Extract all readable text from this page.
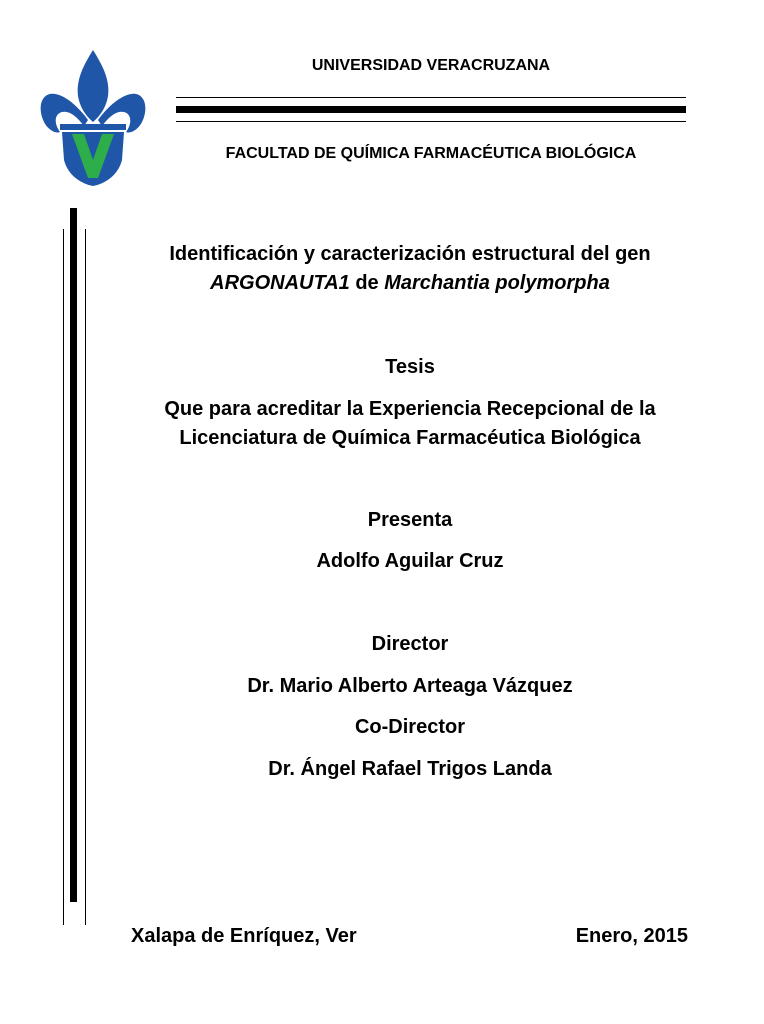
UNIVERSIDAD VERACRUZANA
FACULTAD DE QUÍMICA FARMACÉUTICA BIOLÓGICA
Identificación y caracterización estructural del gen
ARGONAUTA1 de Marchantia polymorpha
Tesis
Que para acreditar la Experiencia Recepcional de la
Licenciatura de Química Farmacéutica Biológica
Presenta
Adolfo Aguilar Cruz
Director
Dr. Mario Alberto Arteaga Vázquez
Co-Director
Dr. Ángel Rafael Trigos Landa
Xalapa de Enríquez, Ver	Enero, 2015
